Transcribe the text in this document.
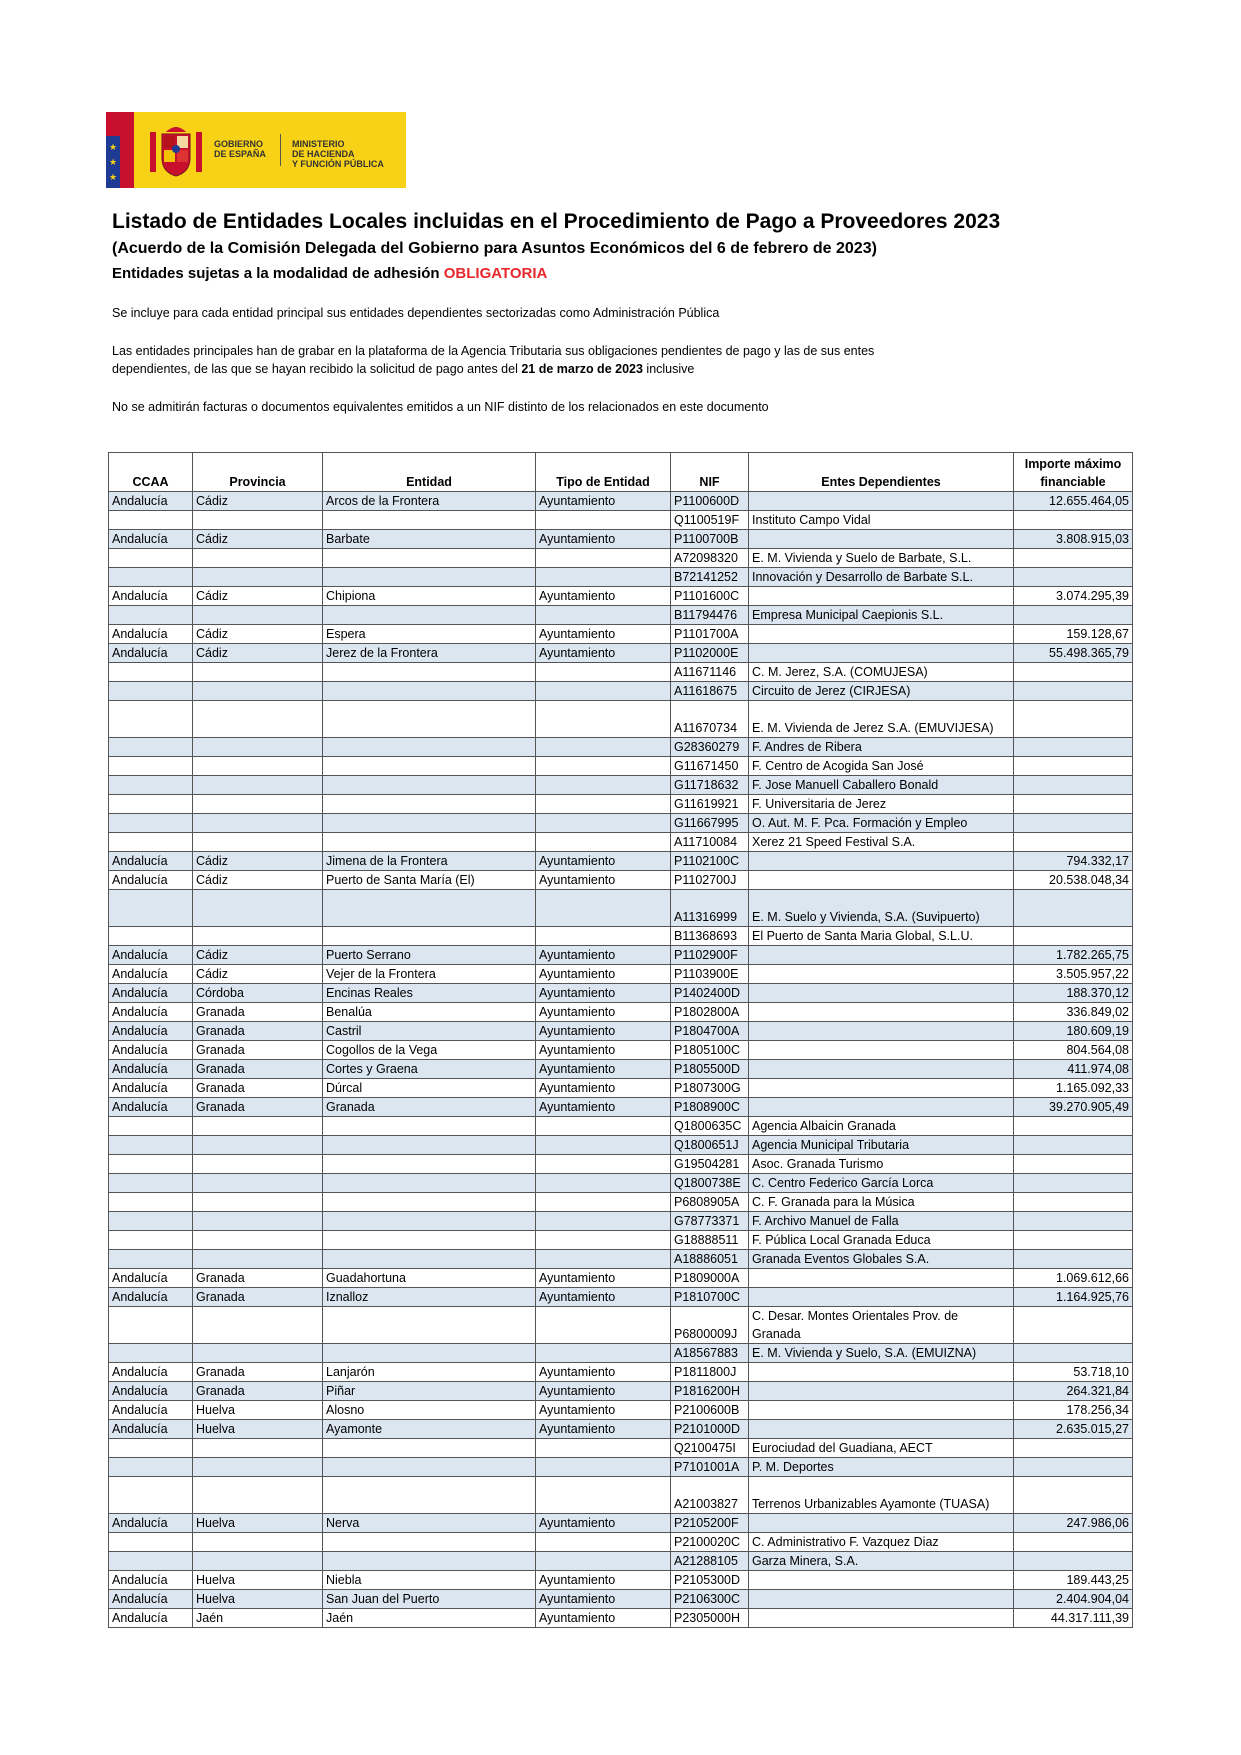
★
★
★
GOBIERNO
DE ESPAÑA
MINISTERIO
DE HACIENDA
Y FUNCIÓN PÚBLICA
Listado de Entidades Locales incluidas en el Procedimiento de Pago a Proveedores 2023
(Acuerdo de la Comisión Delegada del Gobierno para Asuntos Económicos del 6 de febrero de 2023)
Entidades sujetas a la modalidad de adhesión OBLIGATORIA
Se incluye para cada entidad principal sus entidades dependientes sectorizadas como Administración Pública
Las entidades principales han de grabar en la plataforma de la Agencia Tributaria sus obligaciones pendientes de pago y las de sus entes
dependientes, de las que se hayan recibido la solicitud de pago antes del 21 de marzo de 2023 inclusive
No se admitirán facturas o documentos equivalentes emitidos a un NIF distinto de los relacionados en este documento
CCAA	Provincia	Entidad	Tipo de Entidad	NIF	Entes Dependientes	Importe máximo financiable
Andalucía	Cádiz	Arcos de la Frontera	Ayuntamiento	P1100600D		12.655.464,05
				Q1100519F	Instituto Campo Vidal	
Andalucía	Cádiz	Barbate	Ayuntamiento	P1100700B		3.808.915,03
				A72098320	E. M. Vivienda y Suelo de Barbate, S.L.	
				B72141252	Innovación y Desarrollo de Barbate S.L.	
Andalucía	Cádiz	Chipiona	Ayuntamiento	P1101600C		3.074.295,39
				B11794476	Empresa Municipal Caepionis S.L.	
Andalucía	Cádiz	Espera	Ayuntamiento	P1101700A		159.128,67
Andalucía	Cádiz	Jerez de la Frontera	Ayuntamiento	P1102000E		55.498.365,79
				A11671146	C. M. Jerez, S.A. (COMUJESA)	
				A11618675	Circuito de Jerez (CIRJESA)	
				A11670734	E. M. Vivienda de Jerez S.A. (EMUVIJESA)	
				G28360279	F. Andres de Ribera	
				G11671450	F. Centro de Acogida San José	
				G11718632	F. Jose Manuell Caballero Bonald	
				G11619921	F. Universitaria de Jerez	
				G11667995	O. Aut. M. F. Pca. Formación y Empleo	
				A11710084	Xerez 21 Speed Festival S.A.	
Andalucía	Cádiz	Jimena de la Frontera	Ayuntamiento	P1102100C		794.332,17
Andalucía	Cádiz	Puerto de Santa María (El)	Ayuntamiento	P1102700J		20.538.048,34
				A11316999	E. M. Suelo y Vivienda, S.A. (Suvipuerto)	
				B11368693	El Puerto de Santa Maria Global, S.L.U.	
Andalucía	Cádiz	Puerto Serrano	Ayuntamiento	P1102900F		1.782.265,75
Andalucía	Cádiz	Vejer de la Frontera	Ayuntamiento	P1103900E		3.505.957,22
Andalucía	Córdoba	Encinas Reales	Ayuntamiento	P1402400D		188.370,12
Andalucía	Granada	Benalúa	Ayuntamiento	P1802800A		336.849,02
Andalucía	Granada	Castril	Ayuntamiento	P1804700A		180.609,19
Andalucía	Granada	Cogollos de la Vega	Ayuntamiento	P1805100C		804.564,08
Andalucía	Granada	Cortes y Graena	Ayuntamiento	P1805500D		411.974,08
Andalucía	Granada	Dúrcal	Ayuntamiento	P1807300G		1.165.092,33
Andalucía	Granada	Granada	Ayuntamiento	P1808900C		39.270.905,49
				Q1800635C	Agencia Albaicin Granada	
				Q1800651J	Agencia Municipal Tributaria	
				G19504281	Asoc. Granada Turismo	
				Q1800738E	C. Centro Federico García Lorca	
				P6808905A	C. F. Granada para la Música	
				G78773371	F. Archivo Manuel de Falla	
				G18888511	F. Pública Local Granada Educa	
				A18886051	Granada Eventos Globales S.A.	
Andalucía	Granada	Guadahortuna	Ayuntamiento	P1809000A		1.069.612,66
Andalucía	Granada	Iznalloz	Ayuntamiento	P1810700C		1.164.925,76
				P6800009J	C. Desar. Montes Orientales Prov. de Granada	
				A18567883	E. M. Vivienda y Suelo, S.A. (EMUIZNA)	
Andalucía	Granada	Lanjarón	Ayuntamiento	P1811800J		53.718,10
Andalucía	Granada	Piñar	Ayuntamiento	P1816200H		264.321,84
Andalucía	Huelva	Alosno	Ayuntamiento	P2100600B		178.256,34
Andalucía	Huelva	Ayamonte	Ayuntamiento	P2101000D		2.635.015,27
				Q2100475I	Eurociudad del Guadiana, AECT	
				P7101001A	P. M. Deportes	
				A21003827	Terrenos Urbanizables Ayamonte (TUASA)	
Andalucía	Huelva	Nerva	Ayuntamiento	P2105200F		247.986,06
				P2100020C	C. Administrativo F. Vazquez Diaz	
				A21288105	Garza Minera, S.A.	
Andalucía	Huelva	Niebla	Ayuntamiento	P2105300D		189.443,25
Andalucía	Huelva	San Juan del Puerto	Ayuntamiento	P2106300C		2.404.904,04
Andalucía	Jaén	Jaén	Ayuntamiento	P2305000H		44.317.111,39
